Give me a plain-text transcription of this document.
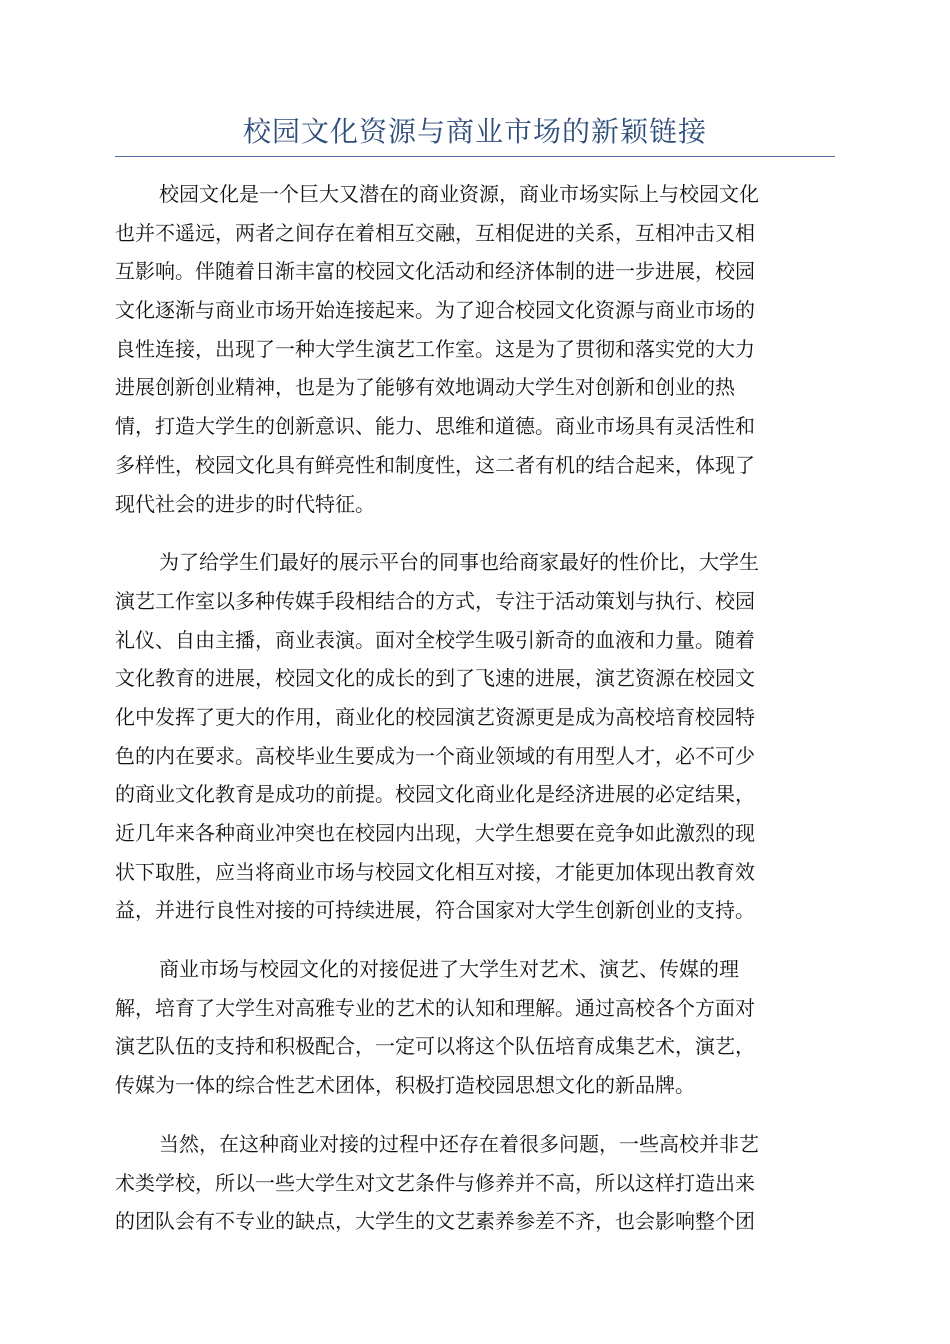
校园文化资源与商业市场的新颖链接
校园文化是一个巨大又潜在的商业资源，商业市场实际上与校园文化
也并不遥远，两者之间存在着相互交融，互相促进的关系，互相冲击又相
互影响。伴随着日渐丰富的校园文化活动和经济体制的进一步进展，校园
文化逐渐与商业市场开始连接起来。为了迎合校园文化资源与商业市场的
良性连接，出现了一种大学生演艺工作室。这是为了贯彻和落实党的大力
进展创新创业精神，也是为了能够有效地调动大学生对创新和创业的热
情，打造大学生的创新意识、能力、思维和道德。商业市场具有灵活性和
多样性，校园文化具有鲜亮性和制度性，这二者有机的结合起来，体现了
现代社会的进步的时代特征。
为了给学生们最好的展示平台的同事也给商家最好的性价比，大学生
演艺工作室以多种传媒手段相结合的方式，专注于活动策划与执行、校园
礼仪、自由主播，商业表演。面对全校学生吸引新奇的血液和力量。随着
文化教育的进展，校园文化的成长的到了飞速的进展，演艺资源在校园文
化中发挥了更大的作用，商业化的校园演艺资源更是成为高校培育校园特
色的内在要求。高校毕业生要成为一个商业领域的有用型人才，必不可少
的商业文化教育是成功的前提。校园文化商业化是经济进展的必定结果，
近几年来各种商业冲突也在校园内出现，大学生想要在竞争如此激烈的现
状下取胜，应当将商业市场与校园文化相互对接，才能更加体现出教育效
益，并进行良性对接的可持续进展，符合国家对大学生创新创业的支持。
商业市场与校园文化的对接促进了大学生对艺术、演艺、传媒的理
解，培育了大学生对高雅专业的艺术的认知和理解。通过高校各个方面对
演艺队伍的支持和积极配合，一定可以将这个队伍培育成集艺术，演艺，
传媒为一体的综合性艺术团体，积极打造校园思想文化的新品牌。
当然，在这种商业对接的过程中还存在着很多问题，一些高校并非艺
术类学校，所以一些大学生对文艺条件与修养并不高，所以这样打造出来
的团队会有不专业的缺点，大学生的文艺素养参差不齐，也会影响整个团
